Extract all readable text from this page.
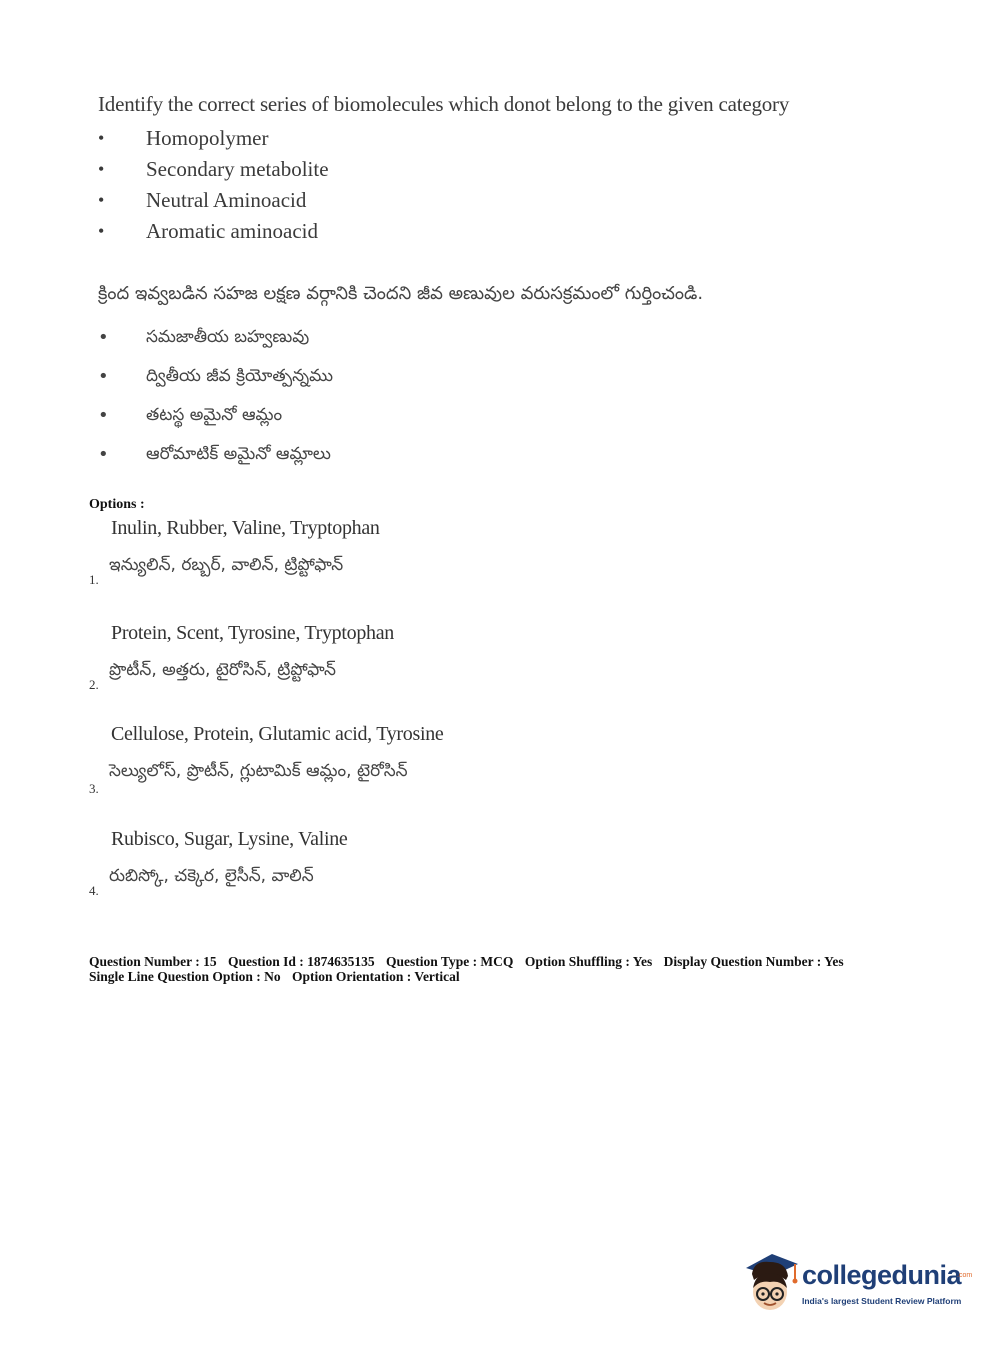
Identify the correct series of biomolecules which donot belong to the given category
• Homopolymer
• Secondary metabolite
• Neutral Aminoacid
• Aromatic aminoacid
క్రింద ఇవ్వబడిన సహజ లక్షణ వర్గానికి చెందని జీవ అణువుల వరుసక్రమంలో గుర్తించండి.
• సమజాతీయ బహ్వణువు
• ద్వితీయ జీవ క్రియోత్పన్నము
• తటస్థ అమైనో ఆమ్లం
• ఆరోమాటిక్ అమైనో ఆమ్లాలు
Options :
Inulin, Rubber, Valine, Tryptophan
ఇన్యులిన్, రబ్బర్, వాలిన్, ట్రిప్టోఫాన్
1.
Protein, Scent, Tyrosine, Tryptophan
ప్రొటీన్, అత్తరు, టైరోసిన్, ట్రిప్టోఫాన్
2.
Cellulose, Protein, Glutamic acid, Tyrosine
సెల్యులోస్, ప్రొటీన్, గ్లుటామిక్ ఆమ్లం, టైరోసిన్
3.
Rubisco, Sugar, Lysine, Valine
రుబిస్కో, చక్కెర, లైసీన్, వాలిన్
4.
Question Number : 15 Question Id : 1874635135 Question Type : MCQ Option Shuffling : Yes Display Question Number : Yes
Single Line Question Option : No Option Orientation : Vertical
collegedunia
.com
India's largest Student Review Platform
